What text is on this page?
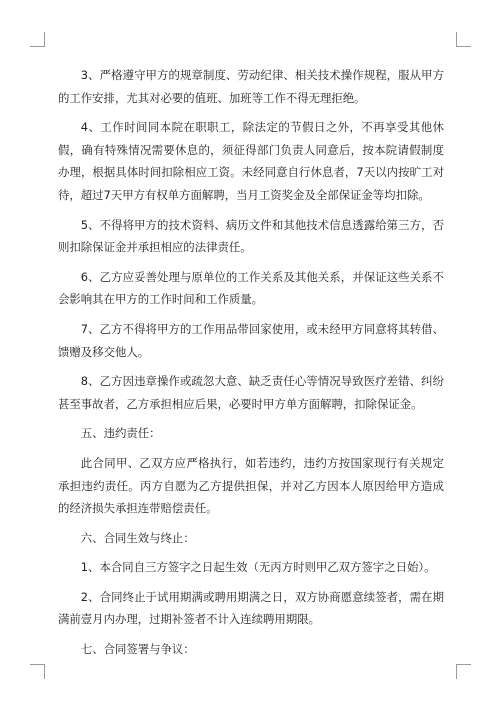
3、严格遵守甲方的规章制度、劳动纪律、相关技术操作规程，服从甲方的工作安排，尤其对必要的值班、加班等工作不得无理拒绝。

4、工作时间同本院在职职工，除法定的节假日之外，不再享受其他休假，确有特殊情况需要休息的，须征得部门负责人同意后，按本院请假制度办理，根据具体时间扣除相应工资。未经同意自行休息者，7天以内按旷工对待，超过7天甲方有权单方面解聘，当月工资奖金及全部保证金等均扣除。

5、不得将甲方的技术资料、病历文件和其他技术信息透露给第三方，否则扣除保证金并承担相应的法律责任。

6、乙方应妥善处理与原单位的工作关系及其他关系，并保证这些关系不会影响其在甲方的工作时间和工作质量。

7、乙方不得将甲方的工作用品带回家使用，或未经甲方同意将其转借、馈赠及移交他人。

8、乙方因违章操作或疏忽大意、缺乏责任心等情况导致医疗差错、纠纷甚至事故者，乙方承担相应后果，必要时甲方单方面解聘，扣除保证金。

五、违约责任：

此合同甲、乙双方应严格执行，如若违约，违约方按国家现行有关规定承担违约责任。丙方自愿为乙方提供担保，并对乙方因本人原因给甲方造成的经济损失承担连带赔偿责任。

六、合同生效与终止：

1、本合同自三方签字之日起生效（无丙方时则甲乙双方签字之日始）。

2、合同终止于试用期满或聘用期满之日，双方协商愿意续签者，需在期满前壹月内办理，过期补签者不计入连续聘用期限。

七、合同签署与争议：
